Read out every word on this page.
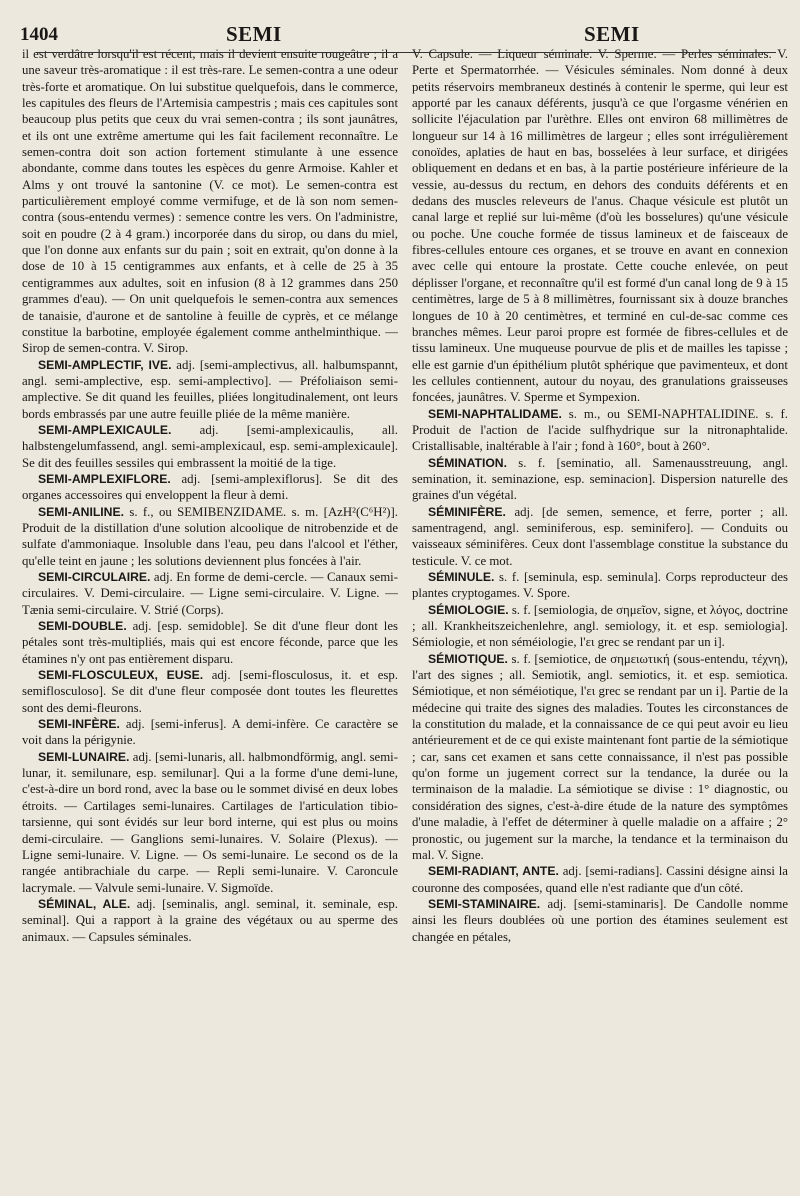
1404	SEMI	SEMI

il est verdâtre lorsqu'il est récent, mais il devient ensuite rougeâtre ; il a une saveur très-aromatique : il est très-rare. Le semen-contra a une odeur très-forte et aromatique. On lui substitue quelquefois, dans le commerce, les capitules des fleurs de l'Artemisia campestris ; mais ces capitules sont beaucoup plus petits que ceux du vrai semen-contra ; ils sont jaunâtres, et ils ont une extrême amertume qui les fait facilement reconnaître. Le semen-contra doit son action fortement stimulante à une essence abondante, comme dans toutes les espèces du genre Armoise. Kahler et Alms y ont trouvé la santonine (V. ce mot). Le semen-contra est particulièrement employé comme vermifuge, et de là son nom semen-contra (sous-entendu vermes) : semence contre les vers. On l'administre, soit en poudre (2 à 4 gram.) incorporée dans du sirop, ou dans du miel, que l'on donne aux enfants sur du pain ; soit en extrait, qu'on donne à la dose de 10 à 15 centigrammes aux enfants, et à celle de 25 à 35 centigrammes aux adultes, soit en infusion (8 à 12 grammes dans 250 grammes d'eau). — On unit quelquefois le semen-contra aux semences de tanaisie, d'aurone et de santoline à feuille de cyprès, et ce mélange constitue la barbotine, employée également comme anthelminthique. — Sirop de semen-contra. V. Sirop.

SEMI-AMPLECTIF, IVE. adj. [semi-amplectivus, all. halbumspannt, angl. semi-amplective, esp. semi-amplectivo]. — Préfoliaison semi-amplective. Se dit quand les feuilles, pliées longitudinalement, ont leurs bords embrassés par une autre feuille pliée de la même manière.

SEMI-AMPLEXICAULE. adj. [semi-amplexicaulis, all. halbstengelumfassend, angl. semi-amplexicaul, esp. semi-amplexicaule]. Se dit des feuilles sessiles qui embrassent la moitié de la tige.

SEMI-AMPLEXIFLORE. adj. [semi-amplexiflorus]. Se dit des organes accessoires qui enveloppent la fleur à demi.

SEMI-ANILINE. s. f., ou SEMIBENZIDAME. s. m. [AzH²(C⁶H²)]. Produit de la distillation d'une solution alcoolique de nitrobenzide et de sulfate d'ammoniaque. Insoluble dans l'eau, peu dans l'alcool et l'éther, qu'elle teint en jaune ; les solutions deviennent plus foncées à l'air.

SEMI-CIRCULAIRE. adj. En forme de demi-cercle. — Canaux semi-circulaires. V. Demi-circulaire. — Ligne semi-circulaire. V. Ligne. — Tænia semi-circulaire. V. Strié (Corps).

SEMI-DOUBLE. adj. [esp. semidoble]. Se dit d'une fleur dont les pétales sont très-multipliés, mais qui est encore féconde, parce que les étamines n'y ont pas entièrement disparu.

SEMI-FLOSCULEUX, EUSE. adj. [semi-flosculosus, it. et esp. semiflosculoso]. Se dit d'une fleur composée dont toutes les fleurettes sont des demi-fleurons.

SEMI-INFÈRE. adj. [semi-inferus]. A demi-infère. Ce caractère se voit dans la périgynie.

SEMI-LUNAIRE. adj. [semi-lunaris, all. halbmondförmig, angl. semi-lunar, it. semilunare, esp. semilunar]. Qui a la forme d'une demi-lune, c'est-à-dire un bord rond, avec la base ou le sommet divisé en deux lobes étroits. — Cartilages semi-lunaires. Cartilages de l'articulation tibio-tarsienne, qui sont évidés sur leur bord interne, qui est plus ou moins demi-circulaire. — Ganglions semi-lunaires. V. Solaire (Plexus). — Ligne semi-lunaire. V. Ligne. — Os semi-lunaire. Le second os de la rangée antibrachiale du carpe. — Repli semi-lunaire. V. Caroncule lacrymale. — Valvule semi-lunaire. V. Sigmoïde.

SÉMINAL, ALE. adj. [seminalis, angl. seminal, it. seminale, esp. seminal]. Qui a rapport à la graine des végétaux ou au sperme des animaux. — Capsules séminales.

V. Capsule. — Liqueur séminale. V. Sperme. — Perles séminales. V. Perte et Spermatorrhée. — Vésicules séminales. Nom donné à deux petits réservoirs membraneux destinés à contenir le sperme, qui leur est apporté par les canaux déférents, jusqu'à ce que l'orgasme vénérien en sollicite l'éjaculation par l'urèthre. Elles ont environ 68 millimètres de longueur sur 14 à 16 millimètres de largeur ; elles sont irrégulièrement conoïdes, aplaties de haut en bas, bosselées à leur surface, et dirigées obliquement en dedans et en bas, à la partie postérieure inférieure de la vessie, au-dessus du rectum, en dehors des conduits déférents et en dedans des muscles releveurs de l'anus. Chaque vésicule est plutôt un canal large et replié sur lui-même (d'où les bosselures) qu'une vésicule ou poche. Une couche formée de tissus lamineux et de faisceaux de fibres-cellules entoure ces organes, et se trouve en avant en connexion avec celle qui entoure la prostate. Cette couche enlevée, on peut déplisser l'organe, et reconnaître qu'il est formé d'un canal long de 9 à 15 centimètres, large de 5 à 8 millimètres, fournissant six à douze branches longues de 10 à 20 centimètres, et terminé en cul-de-sac comme ces branches mêmes. Leur paroi propre est formée de fibres-cellules et de tissu lamineux. Une muqueuse pourvue de plis et de mailles les tapisse ; elle est garnie d'un épithélium plutôt sphérique que pavimenteux, et dont les cellules contiennent, autour du noyau, des granulations graisseuses foncées, jaunâtres. V. Sperme et Sympexion.

SEMI-NAPHTALIDAME. s. m., ou SEMI-NAPHTALIDINE. s. f. Produit de l'action de l'acide sulfhydrique sur la nitronaphtalide. Cristallisable, inaltérable à l'air ; fond à 160°, bout à 260°.

SÉMINATION. s. f. [seminatio, all. Samenausstreuung, angl. semination, it. seminazione, esp. seminacion]. Dispersion naturelle des graines d'un végétal.

SÉMINIFÈRE. adj. [de semen, semence, et ferre, porter ; all. samentragend, angl. seminiferous, esp. seminifero]. — Conduits ou vaisseaux séminifères. Ceux dont l'assemblage constitue la substance du testicule. V. ce mot.

SÉMINULE. s. f. [seminula, esp. seminula]. Corps reproducteur des plantes cryptogames. V. Spore.

SÉMIOLOGIE. s. f. [semiologia, de σημεῖον, signe, et λόγος, doctrine ; all. Krankheitszeichenlehre, angl. semiology, it. et esp. semiologia]. Sémiologie, et non séméiologie, l'ει grec se rendant par un i].

SÉMIOTIQUE. s. f. [semiotice, de σημειωτική (sous-entendu, τέχνη), l'art des signes ; all. Semiotik, angl. semiotics, it. et esp. semiotica. Sémiotique, et non séméiotique, l'ει grec se rendant par un i]. Partie de la médecine qui traite des signes des maladies. Toutes les circonstances de la constitution du malade, et la connaissance de ce qui peut avoir eu lieu antérieurement et de ce qui existe maintenant font partie de la sémiotique ; car, sans cet examen et sans cette connaissance, il n'est pas possible qu'on forme un jugement correct sur la tendance, la durée ou la terminaison de la maladie. La sémiotique se divise : 1° diagnostic, ou considération des signes, c'est-à-dire étude de la nature des symptômes d'une maladie, à l'effet de déterminer à quelle maladie on a affaire ; 2° pronostic, ou jugement sur la marche, la tendance et la terminaison du mal. V. Signe.

SEMI-RADIANT, ANTE. adj. [semi-radians]. Cassini désigne ainsi la couronne des composées, quand elle n'est radiante que d'un côté.

SEMI-STAMINAIRE. adj. [semi-staminaris]. De Candolle nomme ainsi les fleurs doublées où une portion des étamines seulement est changée en pétales,
